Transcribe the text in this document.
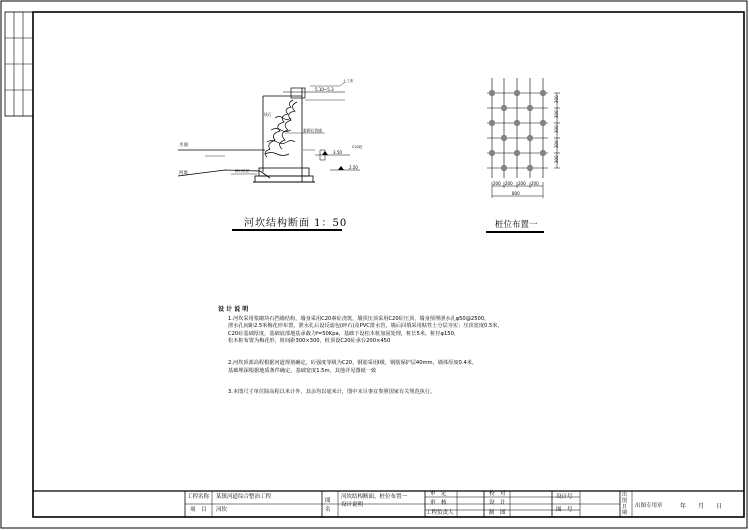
水面
河底
5.10~5.3
浆砌石挡墙
块石
3.50
2.50
土工布
碎石垫层
C20砼
河坎结构断面 1：50
300
300
300
300
300
200 200 200 200
800
桩位布置一

设 计 说 明

1.河坎采用浆砌块石挡墙结构，墙身采用C20素砼浇筑，墙顶压顶采用C20砼压顶，墙身预埋泄水孔φ50@2500，

泄水孔间距2.5米梅花形布置，泄水孔后设反滤包(碎石)及PVC排水管，墙后回填采用粘性土分层夯实；压顶宽度0.5米，

C20砼基础厚度，基础底部地基承载力f=50Kpa，基础下设松木桩加固处理，桩长5米，桩径φ150，

松木桩布置为梅花形，桩间距300×300，桩顶设C20砼承台200×450

2.河坎顶部高程根据河道规划确定，砼强度等级为C20，钢筋采用Ⅰ级，钢筋保护层40mm，墙体厚度0.4米，

基础埋深根据地质条件确定，基础宽度1.5m，其他详见图纸一致

3.本图尺寸单位除高程以米计外，其余均以毫米计，图中未尽事宜参照国家有关规范执行。

工程名称 某镇河道综合整治工程
项　目 河坎
图名
河坎结构断面、桩位布置一
设计说明
审　定
审　核
工程负责人
校　对
设　计
制　图
设计号
图　号
出图日期
出图专用章	年　　月　　日
